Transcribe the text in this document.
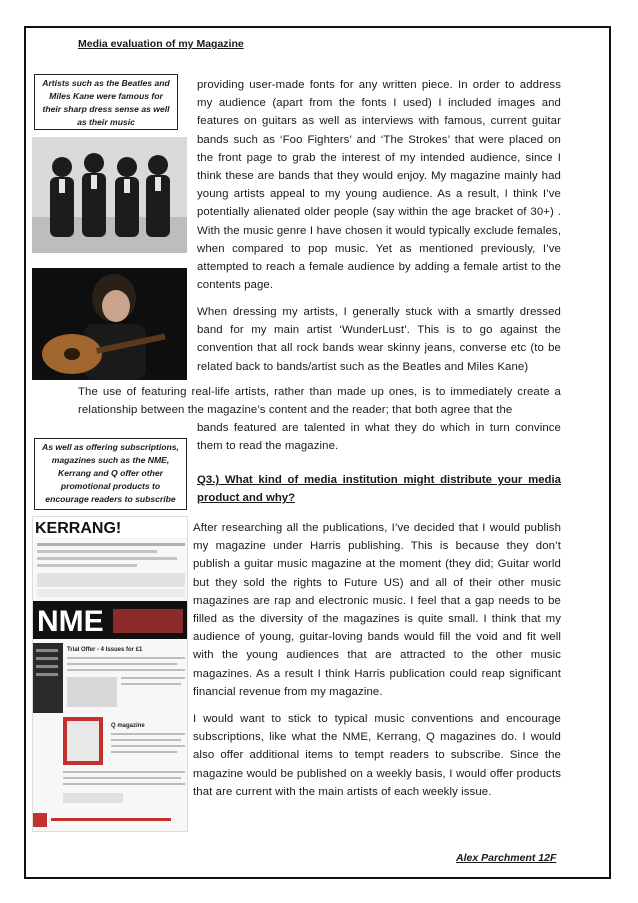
Media evaluation of my Magazine
Artists such as the Beatles and Miles Kane were famous for their sharp dress sense as well as their music
providing user-made fonts for any written piece. In order to address my audience (apart from the fonts I used) I included images and features on guitars as well as interviews with famous, current guitar bands such as ‘Foo Fighters’ and ‘The Strokes’ that were placed on the front page to grab the interest of my intended audience, since I think these are bands that they would enjoy. My magazine mainly had young artists appeal to my young audience. As a result, I think I’ve potentially alienated older people (say within the age bracket of 30+) . With the music genre I have chosen it would typically exclude females, when compared to pop music. Yet as mentioned previously, I’ve attempted to reach a female audience by adding a female artist to the contents page.
When dressing my artists, I generally stuck with a smartly dressed band for my main artist ‘WunderLust’. This is to go against the convention that all rock bands wear skinny jeans, converse etc (to be related back to bands/artist such as the Beatles and Miles Kane)
The use of featuring real-life artists, rather than made up ones, is to immediately create a relationship between the magazine’s content and the reader; that both agree that the
bands featured are talented in what they do which in turn convince them to read the magazine.
As well as offering subscriptions, magazines such as the NME, Kerrang and Q offer other promotional products to encourage readers to subscribe
Q3.) What kind of media institution might distribute your media product and why?
KERRANG!
NME
Trial Offer - 4 Issues for £1
Q magazine
After researching all the publications, I’ve decided that I would publish my magazine under Harris publishing. This is because they don’t publish a guitar music magazine at the moment (they did; Guitar world but they sold the rights to Future US) and all of their other music magazines are rap and electronic music. I feel that a gap needs to be filled as the diversity of the magazines is quite small. I think that my audience of young, guitar-loving bands would fill the void and fit well with the young audiences that are attracted to the other music magazines. As a result I think Harris publication could reap significant financial revenue from my magazine.
I would want to stick to typical music conventions and encourage subscriptions, like what the NME, Kerrang, Q magazines do. I would also offer additional items to tempt readers to subscribe. Since the magazine would be published on a weekly basis, I would offer products that are current with the main artists of each weekly issue.
Alex Parchment 12F
